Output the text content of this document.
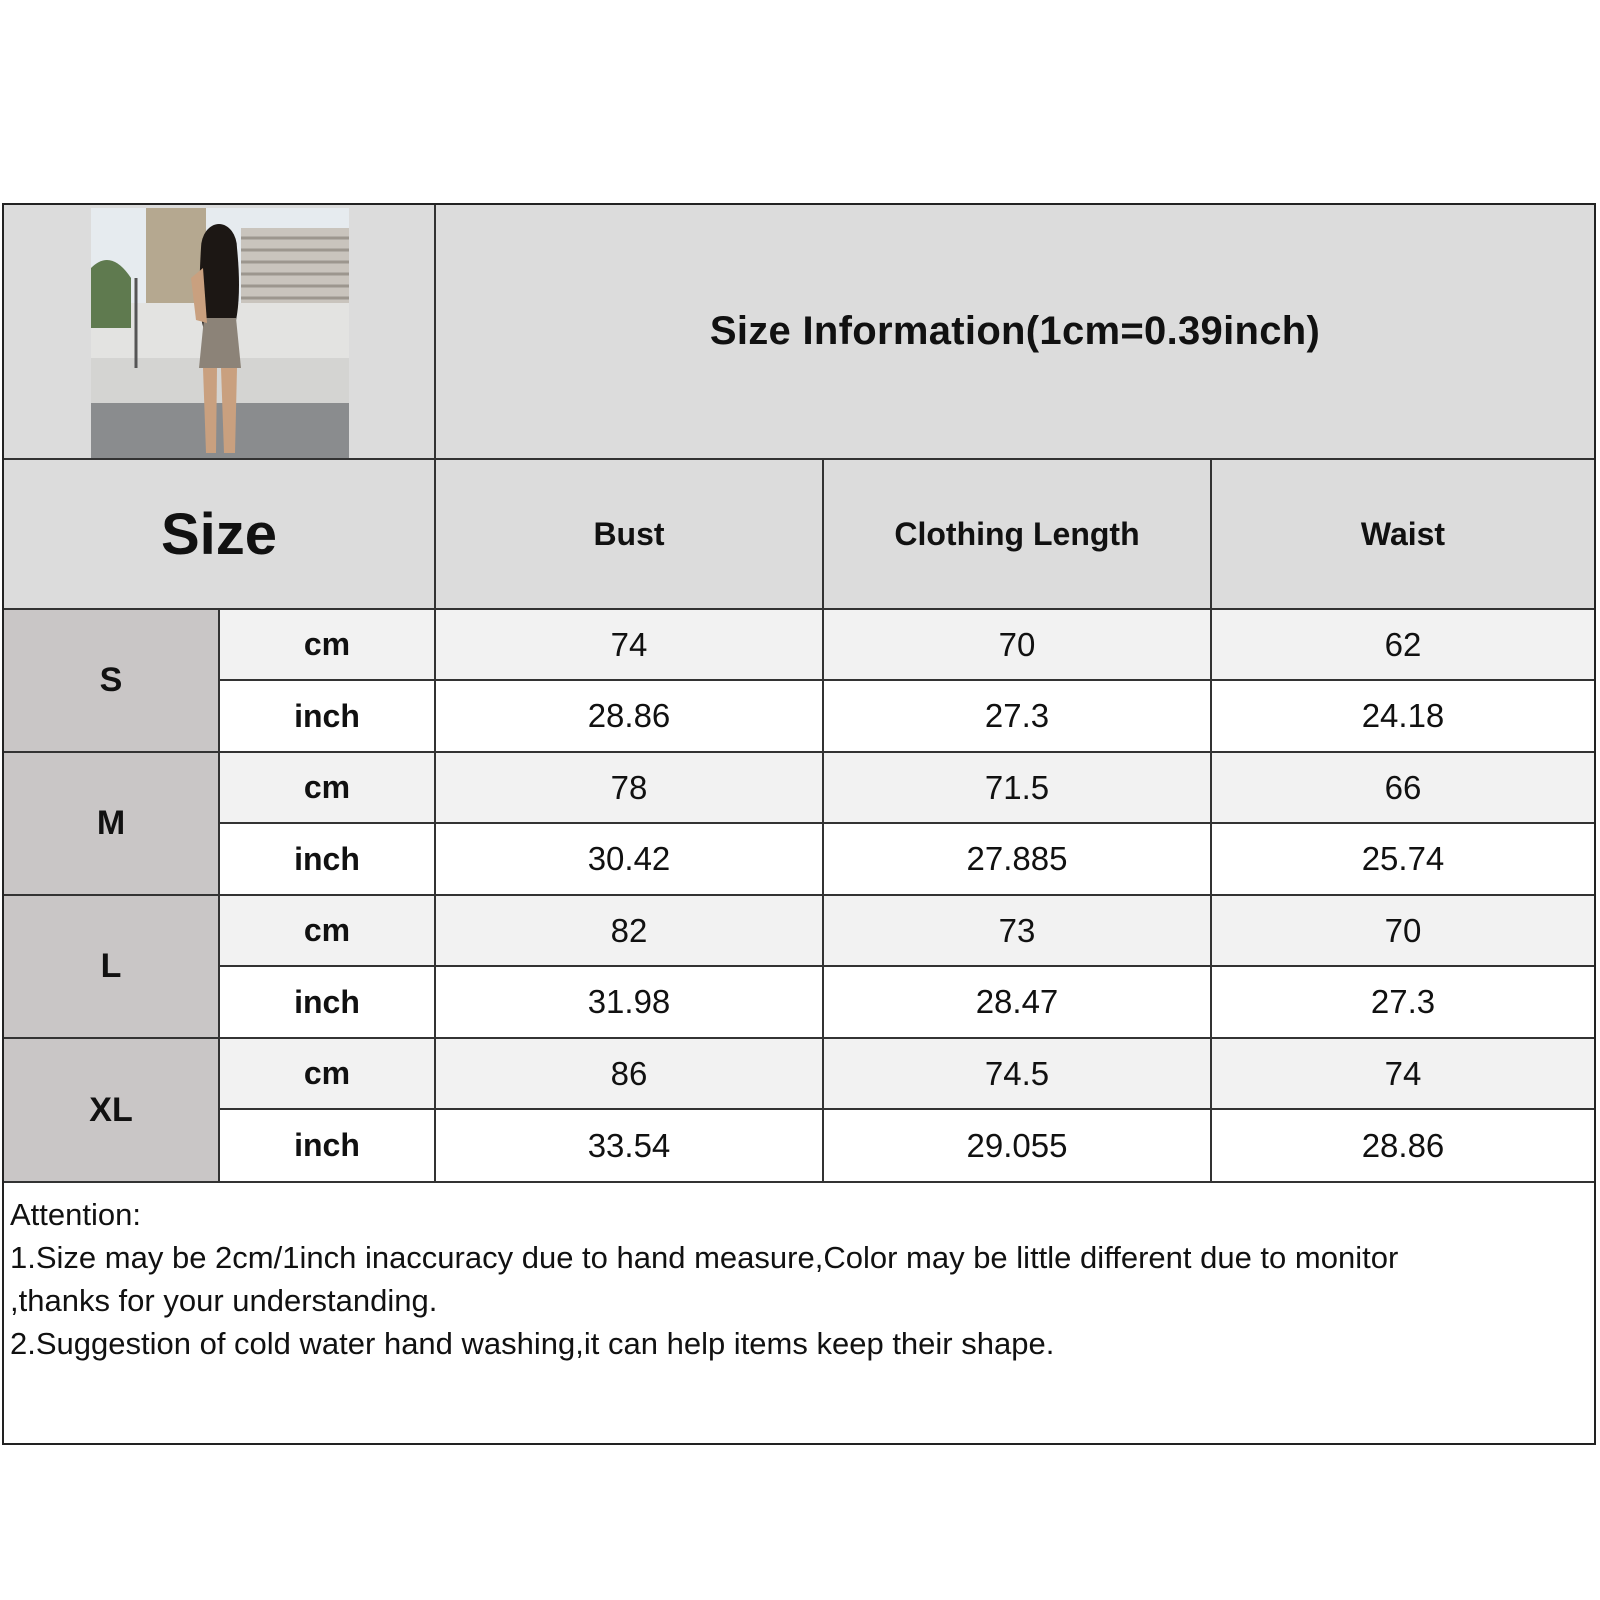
Size Information(1cm=0.39inch)
Size	Bust	Clothing Length	Waist
S
cm	74	70	62
inch	28.86	27.3	24.18
M
cm	78	71.5	66
inch	30.42	27.885	25.74
L
cm	82	73	70
inch	31.98	28.47	27.3
XL
cm	86	74.5	74
inch	33.54	29.055	28.86
Attention:
1.Size may be 2cm/1inch inaccuracy due to hand measure,Color may be little different due to monitor
,thanks for your understanding.
2.Suggestion of cold water hand washing,it can help items keep their shape.
